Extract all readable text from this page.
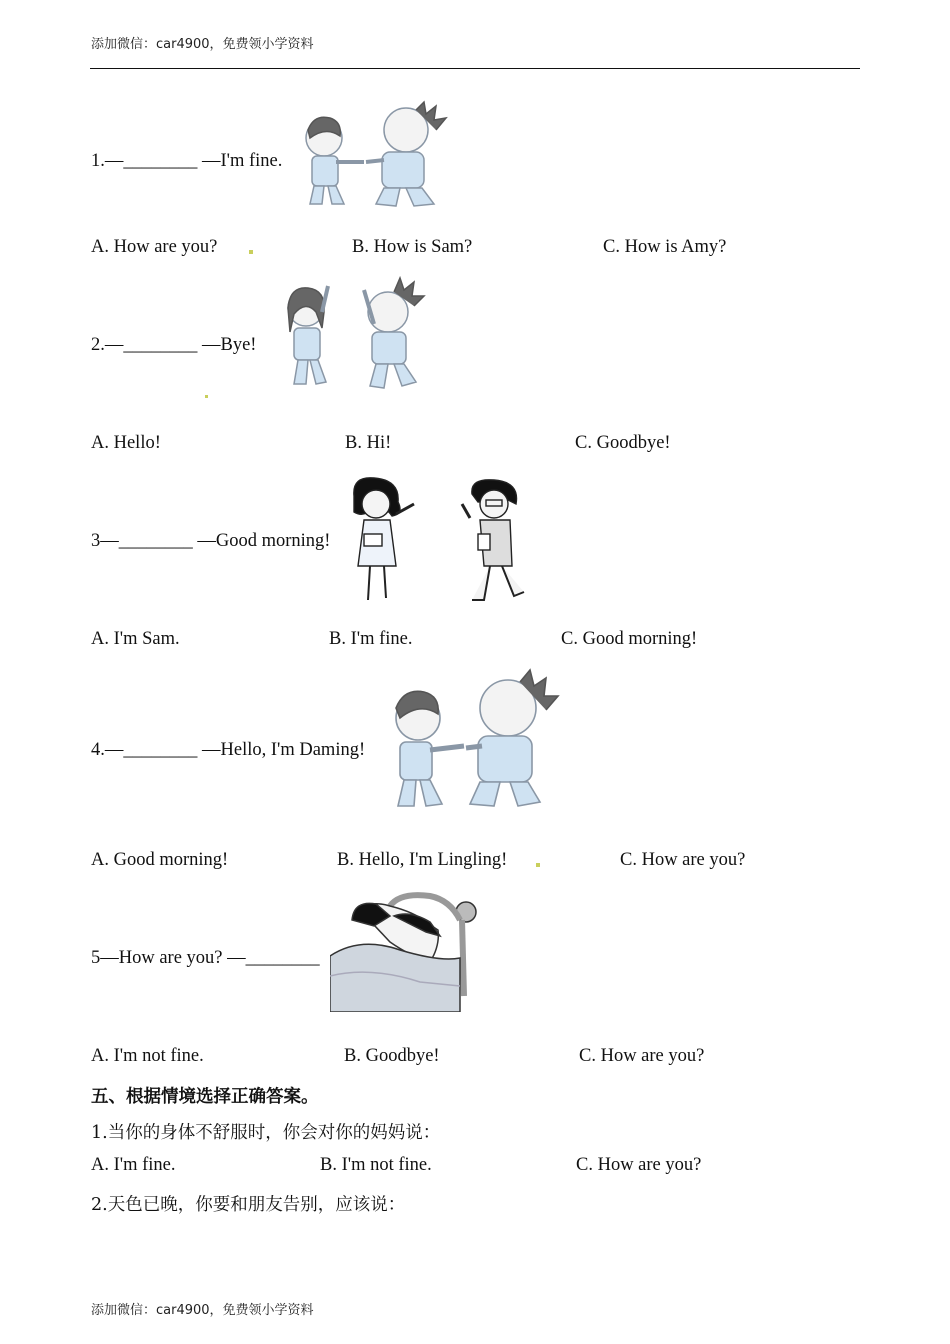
添加微信：car4900，免费领小学资料
1.—________ —I'm fine.
A. How are you?	B. How is Sam?	C. How is Amy?
2.—________ —Bye!
A. Hello!	B. Hi!	C. Goodbye!
3—________ —Good morning!
A. I'm Sam.	B. I'm fine.	C. Good morning!
4.—________ —Hello, I'm Daming!
A. Good morning!	B. Hello, I'm Lingling!	C. How are you?
5—How are you? —________
A. I'm not fine.	B. Goodbye!	C. How are you?
五、根据情境选择正确答案。
1.当你的身体不舒服时，你会对你的妈妈说：
A. I'm fine.	B. I'm not fine.	C. How are you?
2.天色已晚，你要和朋友告别，应该说：
添加微信：car4900，免费领小学资料
